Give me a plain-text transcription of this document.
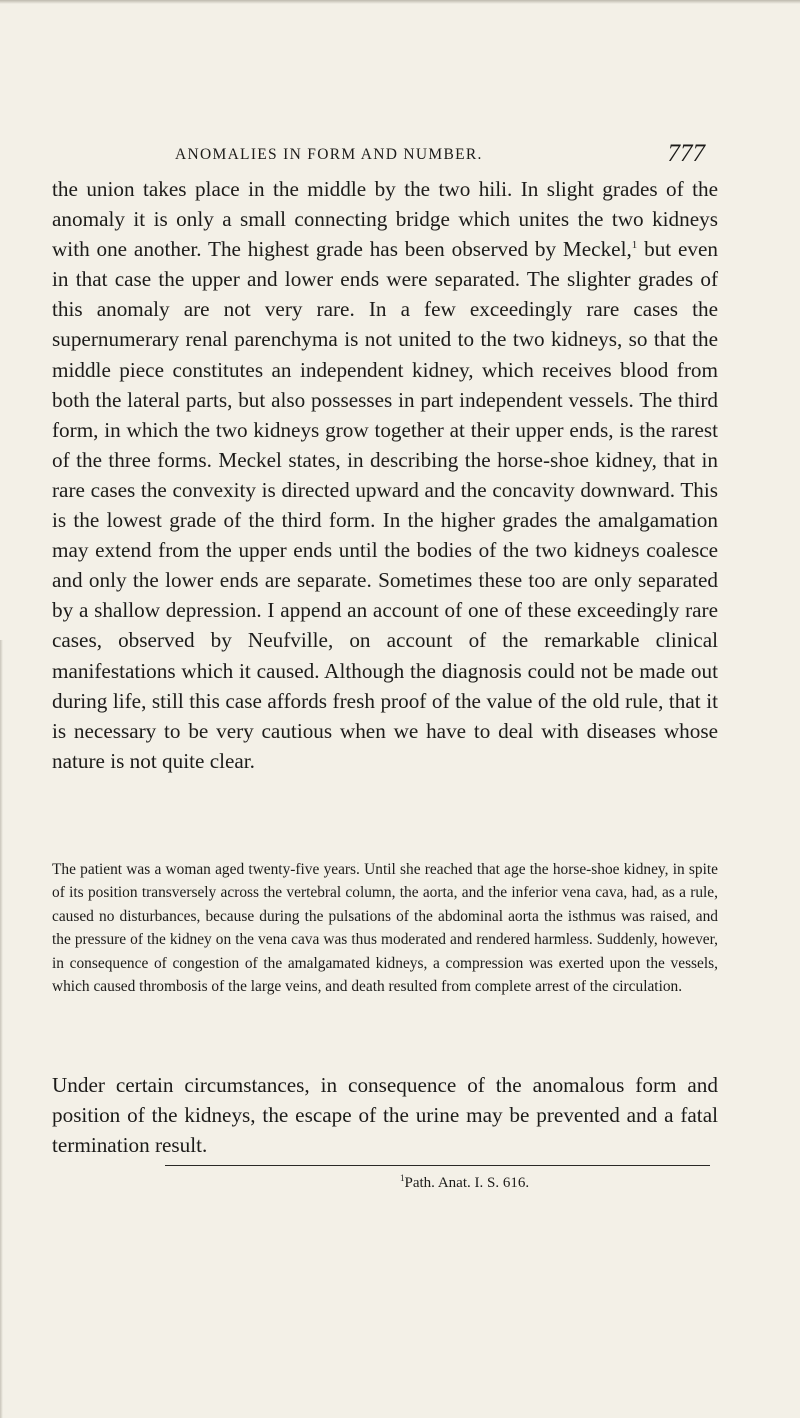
ANOMALIES IN FORM AND NUMBER.	777

the union takes place in the middle by the two hili. In slight grades of the anomaly it is only a small connecting bridge which unites the two kidneys with one another. The highest grade has been observed by Meckel,$^1$ but even in that case the upper and lower ends were separated. The slighter grades of this anomaly are not very rare. In a few exceedingly rare cases the supernumerary renal parenchyma is not united to the two kidneys, so that the middle piece constitutes an independent kidney, which receives blood from both the lateral parts, but also possesses in part independent vessels. The third form, in which the two kidneys grow together at their upper ends, is the rarest of the three forms. Meckel states, in describing the horse-shoe kidney, that in rare cases the convexity is directed upward and the concavity downward. This is the lowest grade of the third form. In the higher grades the amalgamation may extend from the upper ends until the bodies of the two kidneys coalesce and only the lower ends are separate. Sometimes these too are only separated by a shallow depression. I append an account of one of these exceedingly rare cases, observed by Neufville, on account of the remarkable clinical manifestations which it caused. Although the diagnosis could not be made out during life, still this case affords fresh proof of the value of the old rule, that it is necessary to be very cautious when we have to deal with diseases whose nature is not quite clear.

The patient was a woman aged twenty-five years. Until she reached that age the horse-shoe kidney, in spite of its position transversely across the vertebral column, the aorta, and the inferior vena cava, had, as a rule, caused no disturbances, because during the pulsations of the abdominal aorta the isthmus was raised, and the pressure of the kidney on the vena cava was thus moderated and rendered harmless. Suddenly, however, in consequence of congestion of the amalgamated kidneys, a compression was exerted upon the vessels, which caused thrombosis of the large veins, and death resulted from complete arrest of the circulation.

Under certain circumstances, in consequence of the anomalous form and position of the kidneys, the escape of the urine may be prevented and a fatal termination result.

$^1$Path. Anat. I. S. 616.
